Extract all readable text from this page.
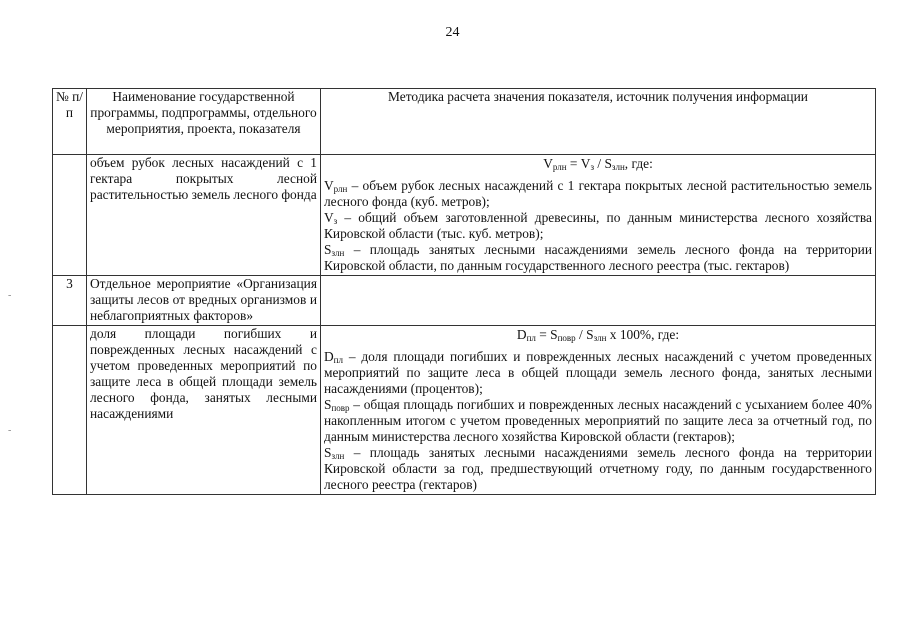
24
№ п/п	Наименование государственной программы, подпрограммы, отдельного мероприятия, проекта, показателя	Методика расчета значения показателя, источник получения информации
	объем рубок лесных насаждений с 1 гектара покрытых лесной растительностью земель лесного фонда	$V_{рлн} = V_з / S_{злн}$, где:

$V_{рлн}$ – объем рубок лесных насаждений с 1 гектара покрытых лесной растительностью земель лесного фонда (куб. метров);

$V_з$ – общий объем заготовленной древесины, по данным министерства лесного хозяйства Кировской области (тыс. куб. метров);

$S_{злн}$ – площадь занятых лесными насаждениями земель лесного фонда на территории Кировской области, по данным государственного лесного реестра (тыс. гектаров)

3	Отдельное мероприятие «Организация защиты лесов от вредных организмов и неблагоприятных факторов»	
	доля площади погибших и поврежденных лесных насаждений с учетом проведенных мероприятий по защите леса в общей площади земель лесного фонда, занятых лесными насаждениями	$D_{пл} = S_{повр} / S_{злн}$ х 100%, где:

$D_{пл}$ – доля площади погибших и поврежденных лесных насаждений с учетом проведенных мероприятий по защите леса в общей площади земель лесного фонда, занятых лесными насаждениями (процентов);

$S_{повр}$ – общая площадь погибших и поврежденных лесных насаждений с усыханием более 40% накопленным итогом с учетом проведенных мероприятий по защите леса за отчетный год, по данным министерства лесного хозяйства Кировской области (гектаров);

$S_{злн}$ – площадь занятых лесными насаждениями земель лесного фонда на территории Кировской области за год, предшествующий отчетному году, по данным государственного лесного реестра (гектаров)

-
-
